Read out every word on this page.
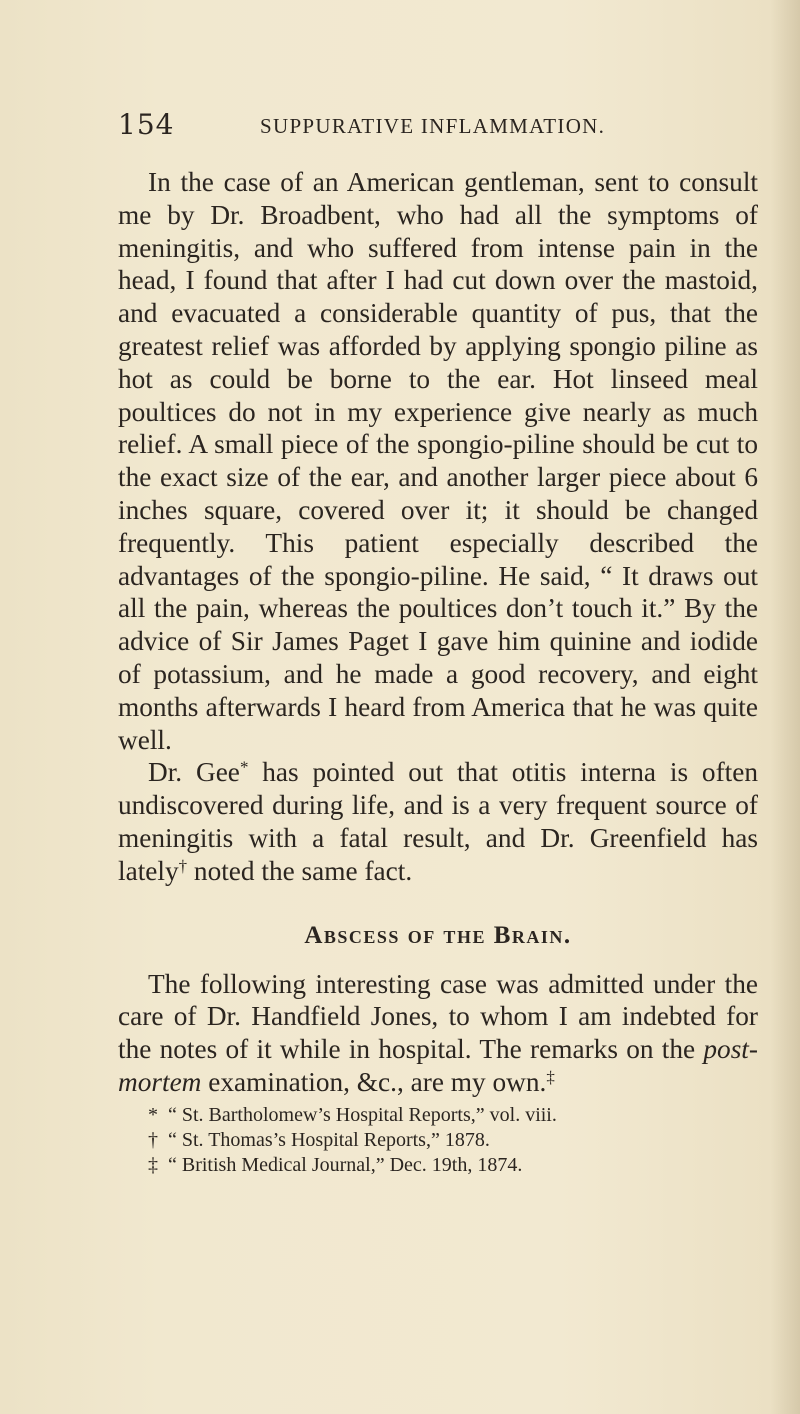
154	SUPPURATIVE INFLAMMATION.

In the case of an American gentleman, sent to consult me by Dr. Broadbent, who had all the symptoms of meningitis, and who suffered from intense pain in the head, I found that after I had cut down over the mastoid, and evacuated a considerable quantity of pus, that the greatest relief was afforded by applying spongio piline as hot as could be borne to the ear. Hot linseed meal poultices do not in my experience give nearly as much relief. A small piece of the spongio-piline should be cut to the exact size of the ear, and another larger piece about 6 inches square, covered over it; it should be changed frequently. This patient especially described the advantages of the spongio-piline. He said, “ It draws out all the pain, whereas the poultices don’t touch it.” By the advice of Sir James Paget I gave him quinine and iodide of potassium, and he made a good recovery, and eight months afterwards I heard from America that he was quite well.

Dr. Gee* has pointed out that otitis interna is often undiscovered during life, and is a very frequent source of meningitis with a fatal result, and Dr. Greenfield has lately† noted the same fact.

Abscess of the Brain.

The following interesting case was admitted under the care of Dr. Handfield Jones, to whom I am indebted for the notes of it while in hospital. The remarks on the post-mortem examination, &c., are my own.‡

* “ St. Bartholomew’s Hospital Reports,” vol. viii.

† “ St. Thomas’s Hospital Reports,” 1878.

‡ “ British Medical Journal,” Dec. 19th, 1874.
